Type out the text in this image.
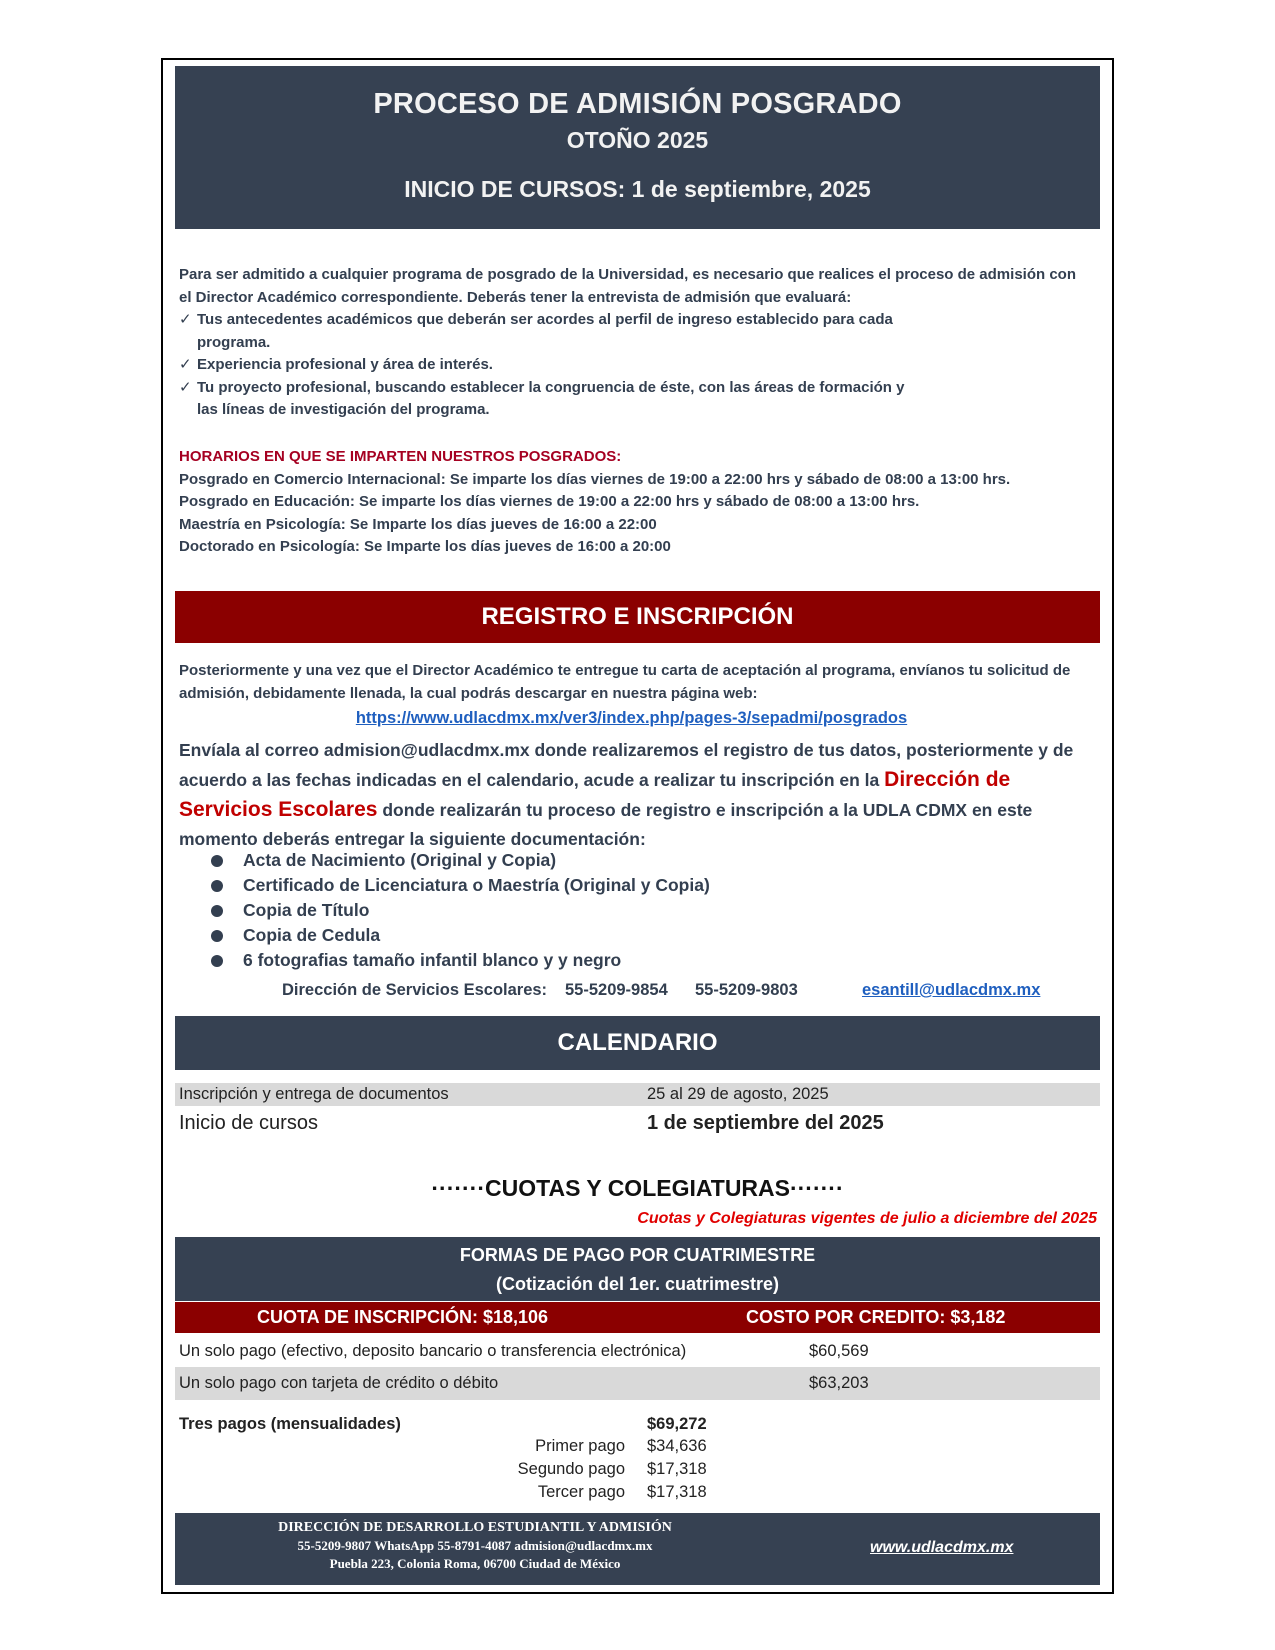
PROCESO DE ADMISIÓN POSGRADO
OTOÑO 2025
INICIO DE CURSOS: 1 de septiembre, 2025
Para ser admitido a cualquier programa de posgrado de la Universidad, es necesario que realices el proceso de admisión con el Director Académico correspondiente. Deberás tener la entrevista de admisión que evaluará:
✓ Tus antecedentes académicos que deberán ser acordes al perfil de ingreso establecido para cada programa.
✓ Experiencia profesional y área de interés.
✓ Tu proyecto profesional, buscando establecer la congruencia de éste, con las áreas de formación y las líneas de investigación del programa.
HORARIOS EN QUE SE IMPARTEN NUESTROS POSGRADOS:
Posgrado en Comercio Internacional: Se imparte los días viernes de 19:00 a 22:00 hrs y sábado de 08:00 a 13:00 hrs.
Posgrado en Educación: Se imparte los días viernes de 19:00 a 22:00 hrs y sábado de 08:00 a 13:00 hrs.
Maestría en Psicología: Se Imparte los días jueves de 16:00 a 22:00
Doctorado en Psicología: Se Imparte los días jueves de 16:00 a 20:00
REGISTRO E INSCRIPCIÓN
Posteriormente y una vez que el Director Académico te entregue tu carta de aceptación al programa, envíanos tu solicitud de admisión, debidamente llenada, la cual podrás descargar en nuestra página web:
https://www.udlacdmx.mx/ver3/index.php/pages-3/sepadmi/posgrados
Envíala al correo admision@udlacdmx.mx donde realizaremos el registro de tus datos, posteriormente y de acuerdo a las fechas indicadas en el calendario, acude a realizar tu inscripción en la Dirección de Servicios Escolares donde realizarán tu proceso de registro e inscripción a la UDLA CDMX en este momento deberás entregar la siguiente documentación:
Acta de Nacimiento (Original y Copia)
Certificado de Licenciatura o Maestría (Original y Copia)
Copia de Título
Copia de Cedula
6 fotografias tamaño infantil blanco y y negro
Dirección de Servicios Escolares: 55-5209-9854 55-5209-9803	esantill@udlacdmx.mx
CALENDARIO
Inscripción y entrega de documentos	25 al 29 de agosto, 2025
Inicio de cursos	1 de septiembre del 2025
·······CUOTAS Y COLEGIATURAS·······
Cuotas y Colegiaturas vigentes de julio a diciembre del 2025
FORMAS DE PAGO POR CUATRIMESTRE
(Cotización del 1er. cuatrimestre)
CUOTA DE INSCRIPCIÓN: $18,106	COSTO POR CREDITO: $3,182
Un solo pago (efectivo, deposito bancario o transferencia electrónica)	$60,569
Un solo pago con tarjeta de crédito o débito	$63,203
Tres pagos (mensualidades)	$69,272
Primer pago $34,636
Segundo pago $17,318
Tercer pago $17,318
DIRECCIÓN DE DESARROLLO ESTUDIANTIL Y ADMISIÓN
55-5209-9807 WhatsApp 55-8791-4087 admision@udlacdmx.mx
Puebla 223, Colonia Roma, 06700 Ciudad de México
www.udlacdmx.mx
